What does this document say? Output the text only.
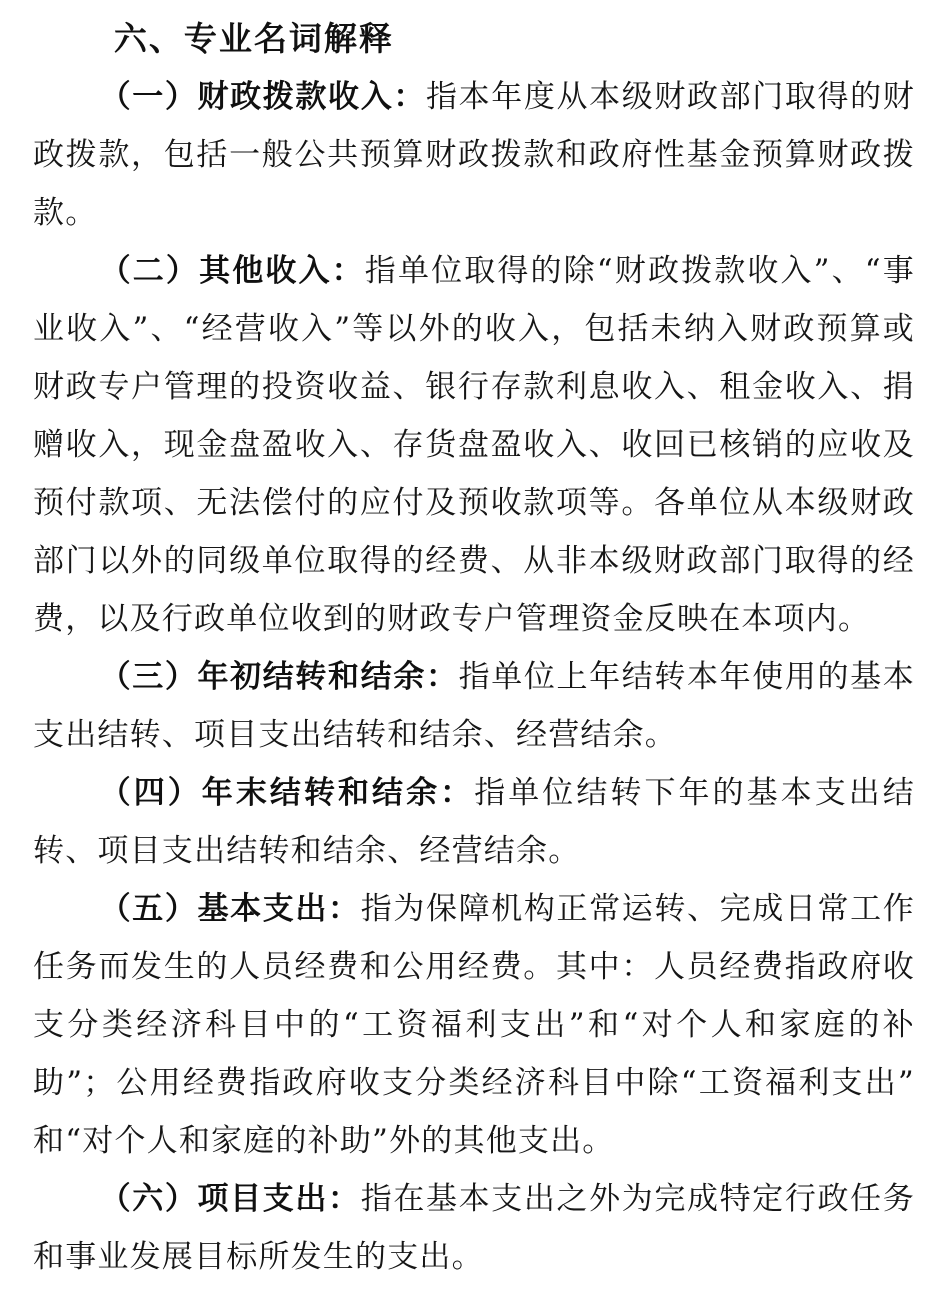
六、专业名词解释

（一）财政拨款收入：指本年度从本级财政部门取得的财政拨款，包括一般公共预算财政拨款和政府性基金预算财政拨款。

（二）其他收入：指单位取得的除“财政拨款收入”、“事业收入”、“经营收入”等以外的收入，包括未纳入财政预算或财政专户管理的投资收益、银行存款利息收入、租金收入、捐赠收入，现金盘盈收入、存货盘盈收入、收回已核销的应收及预付款项、无法偿付的应付及预收款项等。各单位从本级财政部门以外的同级单位取得的经费、从非本级财政部门取得的经费，以及行政单位收到的财政专户管理资金反映在本项内。

（三）年初结转和结余：指单位上年结转本年使用的基本支出结转、项目支出结转和结余、经营结余。

（四）年末结转和结余：指单位结转下年的基本支出结转、项目支出结转和结余、经营结余。

（五）基本支出：指为保障机构正常运转、完成日常工作任务而发生的人员经费和公用经费。其中：人员经费指政府收支分类经济科目中的“工资福利支出”和“对个人和家庭的补助”；公用经费指政府收支分类经济科目中除“工资福利支出”和“对个人和家庭的补助”外的其他支出。

（六）项目支出：指在基本支出之外为完成特定行政任务和事业发展目标所发生的支出。
